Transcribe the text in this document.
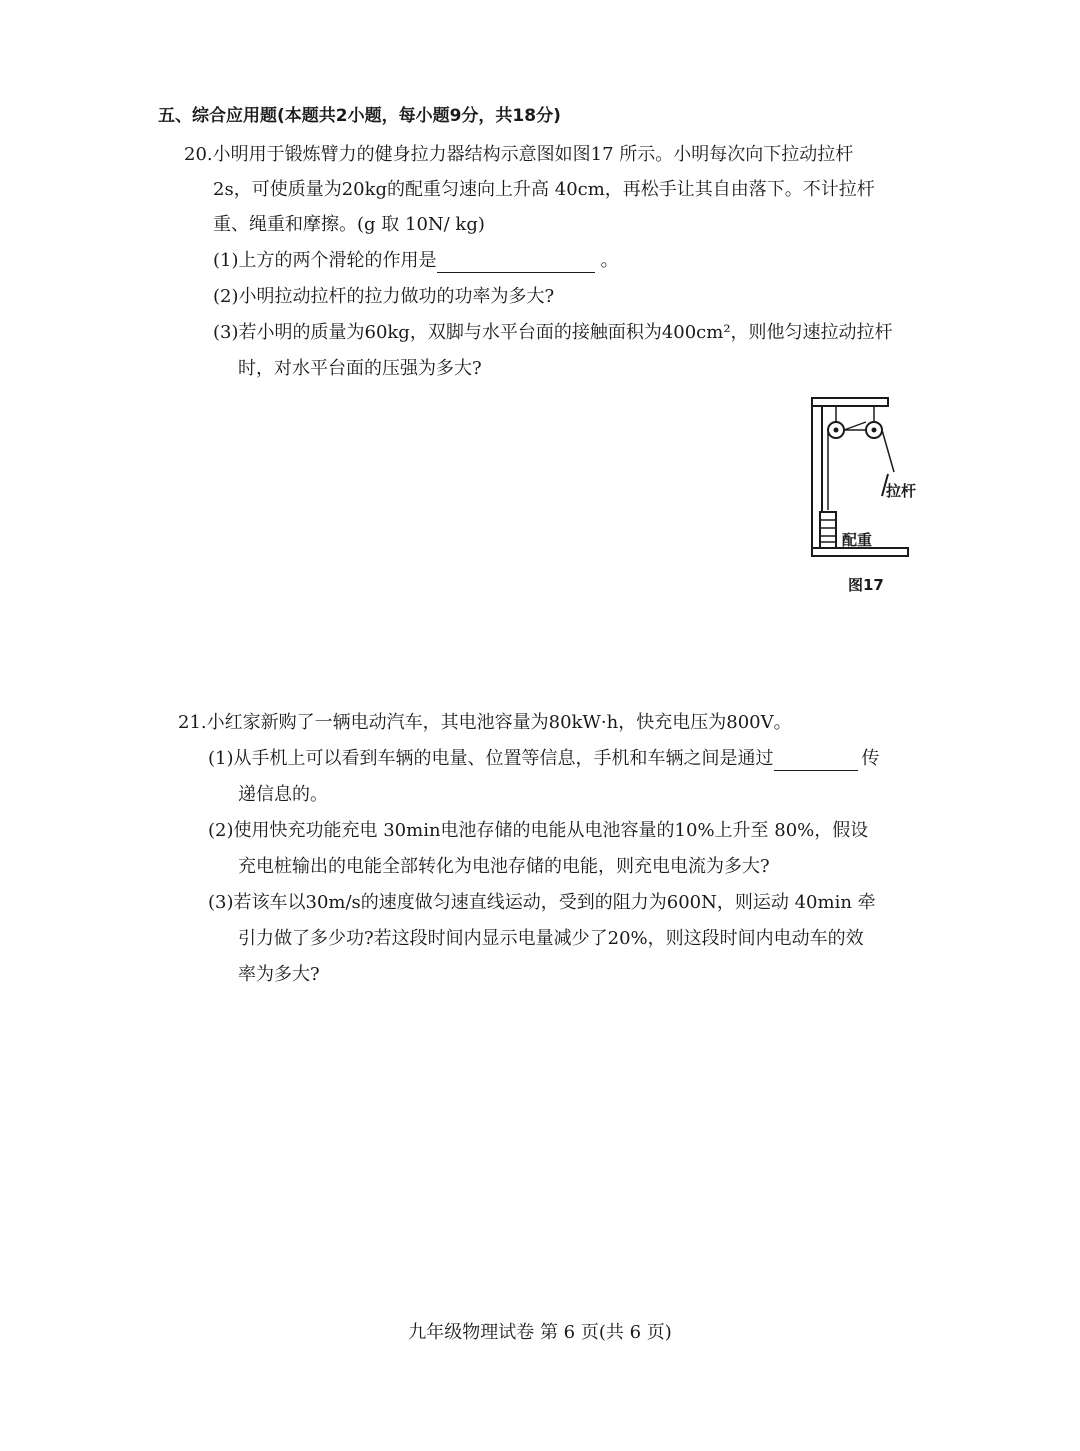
五、综合应用题(本题共2小题，每小题9分，共18分)
20.小明用于锻炼臂力的健身拉力器结构示意图如图17 所示。小明每次向下拉动拉杆
2s，可使质量为20kg的配重匀速向上升高 40cm，再松手让其自由落下。不计拉杆
重、绳重和摩擦。(g 取 10N/ kg)
(1)上方的两个滑轮的作用是	。
(2)小明拉动拉杆的拉力做功的功率为多大?
(3)若小明的质量为60kg，双脚与水平台面的接触面积为400cm²，则他匀速拉动拉杆
时，对水平台面的压强为多大?
拉杆
配重
图17
21.小红家新购了一辆电动汽车，其电池容量为80kW·h，快充电压为800V。
(1)从手机上可以看到车辆的电量、位置等信息，手机和车辆之间是通过	传
递信息的。
(2)使用快充功能充电 30min电池存储的电能从电池容量的10%上升至 80%，假设
充电桩输出的电能全部转化为电池存储的电能，则充电电流为多大?
(3)若该车以30m/s的速度做匀速直线运动，受到的阻力为600N，则运动 40min 牵
引力做了多少功?若这段时间内显示电量减少了20%，则这段时间内电动车的效
率为多大?
九年级物理试卷 第 6 页(共 6 页)
